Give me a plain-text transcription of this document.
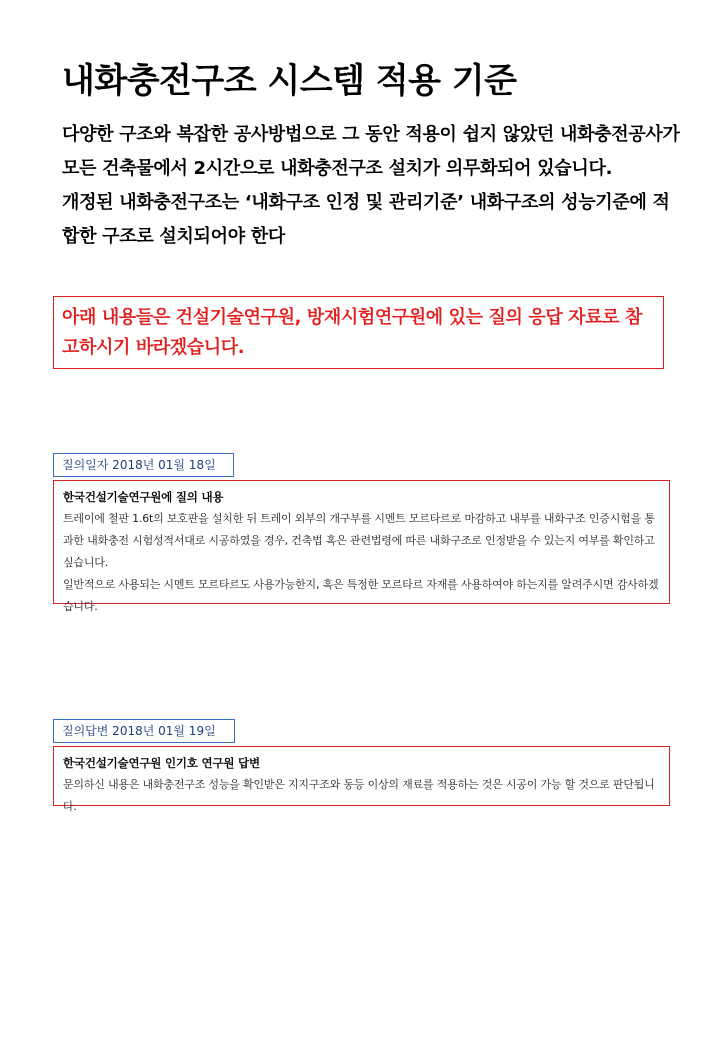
내화충전구조 시스템 적용 기준

다양한 구조와 복잡한 공사방법으로 그 동안 적용이 쉽지 않았던 내화충전공사가 모든 건축물에서 2시간으로 내화충전구조 설치가 의무화되어 있습니다.

개정된 내화충전구조는 ‘내화구조 인정 및 관리기준’ 내화구조의 성능기준에 적합한 구조로 설치되어야 한다

아래 내용들은 건설기술연구원, 방재시험연구원에 있는 질의 응답 자료로 참고하시기 바라겠습니다.
질의일자 2018년 01월 18일
한국건설기술연구원에 질의 내용

트레이에 철판 1.6t의 보호판을 설치한 뒤 트레이 외부의 개구부를 시멘트 모르타르로 마감하고 내부를 내화구조 인증시험을 통과한 내화충전 시험성적서대로 시공하였을 경우, 건축법 혹은 관련법령에 따른 내화구조로 인정받을 수 있는지 여부를 확인하고 싶습니다.

일반적으로 사용되는 시멘트 모르타르도 사용가능한지, 혹은 특정한 모르타르 자재를 사용하여야 하는지를 알려주시면 감사하겠습니다.

질의답변 2018년 01월 19일
한국건설기술연구원 인기호 연구원 답변

문의하신 내용은 내화충전구조 성능을 확인받은 지지구조와 동등 이상의 재료를 적용하는 것은 시공이 가능 할 것으로 판단됩니다.
